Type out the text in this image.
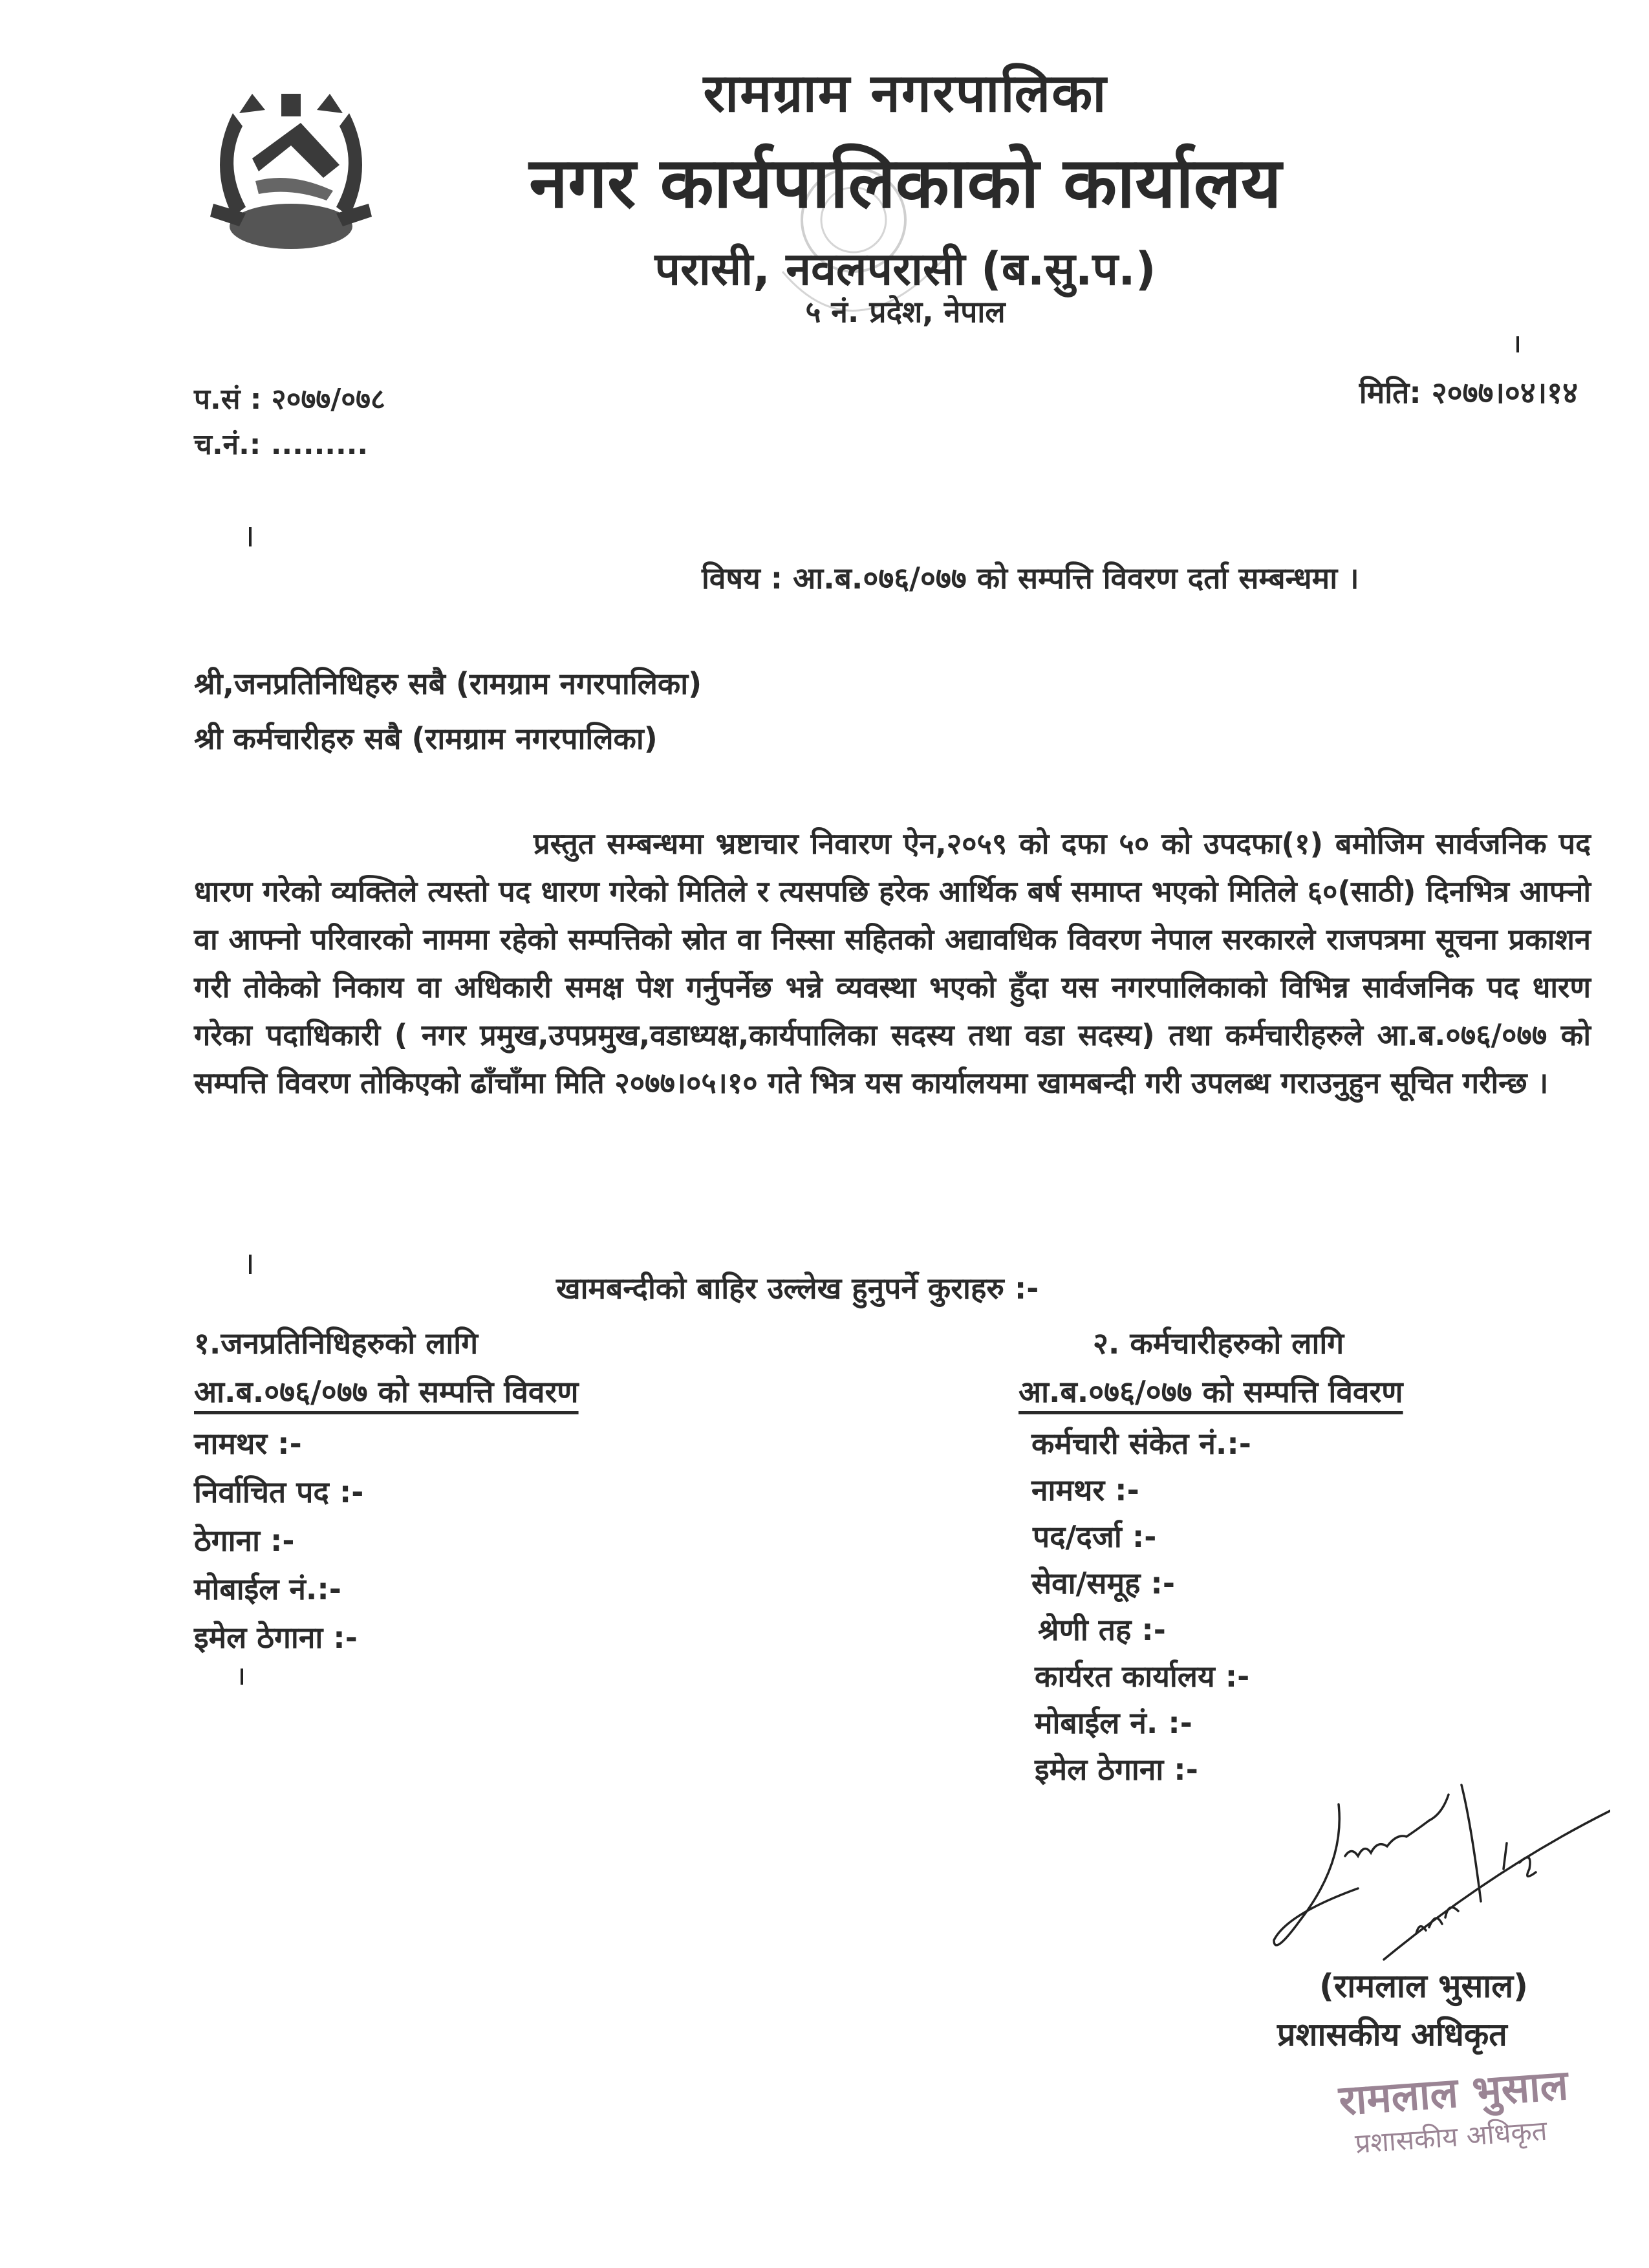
रामग्राम नगरपालिका
नगर कार्यपालिकाको कार्यालय
परासी, नवलपरासी (ब.सु.प.)
५ नं. प्रदेश, नेपाल
प.सं : २०७७/०७८
च.नं.: .........
मिति: २०७७।०४।१४
विषय : आ.ब.०७६/०७७ को सम्पत्ति विवरण दर्ता सम्बन्धमा ।
श्री,जनप्रतिनिधिहरु सबै (रामग्राम नगरपालिका)
श्री कर्मचारीहरु सबै (रामग्राम नगरपालिका)
प्रस्तुत सम्बन्धमा भ्रष्टाचार निवारण ऐन,२०५९ को दफा ५० को उपदफा(१) बमोजिम सार्वजनिक पद धारण गरेको व्यक्तिले त्यस्तो पद धारण गरेको मितिले र त्यसपछि हरेक आर्थिक बर्ष समाप्त भएको मितिले ६०(साठी) दिनभित्र आफ्नो वा आफ्नो परिवारको नाममा रहेको सम्पत्तिको स्रोत वा निस्सा सहितको अद्यावधिक विवरण नेपाल सरकारले राजपत्रमा सूचना प्रकाशन गरी तोकेको निकाय वा अधिकारी समक्ष पेश गर्नुपर्नेछ भन्ने व्यवस्था भएको हुँदा यस नगरपालिकाको विभिन्न सार्वजनिक पद धारण गरेका पदाधिकारी ( नगर प्रमुख,उपप्रमुख,वडाध्यक्ष,कार्यपालिका सदस्य तथा वडा सदस्य) तथा कर्मचारीहरुले आ.ब.०७६/०७७ को सम्पत्ति विवरण तोकिएको ढाँचाँमा मिति २०७७।०५।१० गते भित्र यस कार्यालयमा खामबन्दी गरी उपलब्ध गराउनुहुन सूचित गरीन्छ ।
खामबन्दीको बाहिर उल्लेख हुनुपर्ने कुराहरु :-
१.जनप्रतिनिधिहरुको लागि
आ.ब.०७६/०७७ को सम्पत्ति विवरण
२. कर्मचारीहरुको लागि
आ.ब.०७६/०७७ को सम्पत्ति विवरण
नामथर :-
निर्वाचित पद :-
ठेगाना :-
मोबाईल नं.:-
इमेल ठेगाना :-
कर्मचारी संकेत नं.:-
नामथर :-
पद/दर्जा :-
सेवा/समूह :-
श्रेणी तह :-
कार्यरत कार्यालय :-
मोबाईल नं. :-
इमेल ठेगाना :-
(रामलाल भुसाल)
प्रशासकीय अधिकृत
रामलाल भुसाल
प्रशासकीय अधिकृत
